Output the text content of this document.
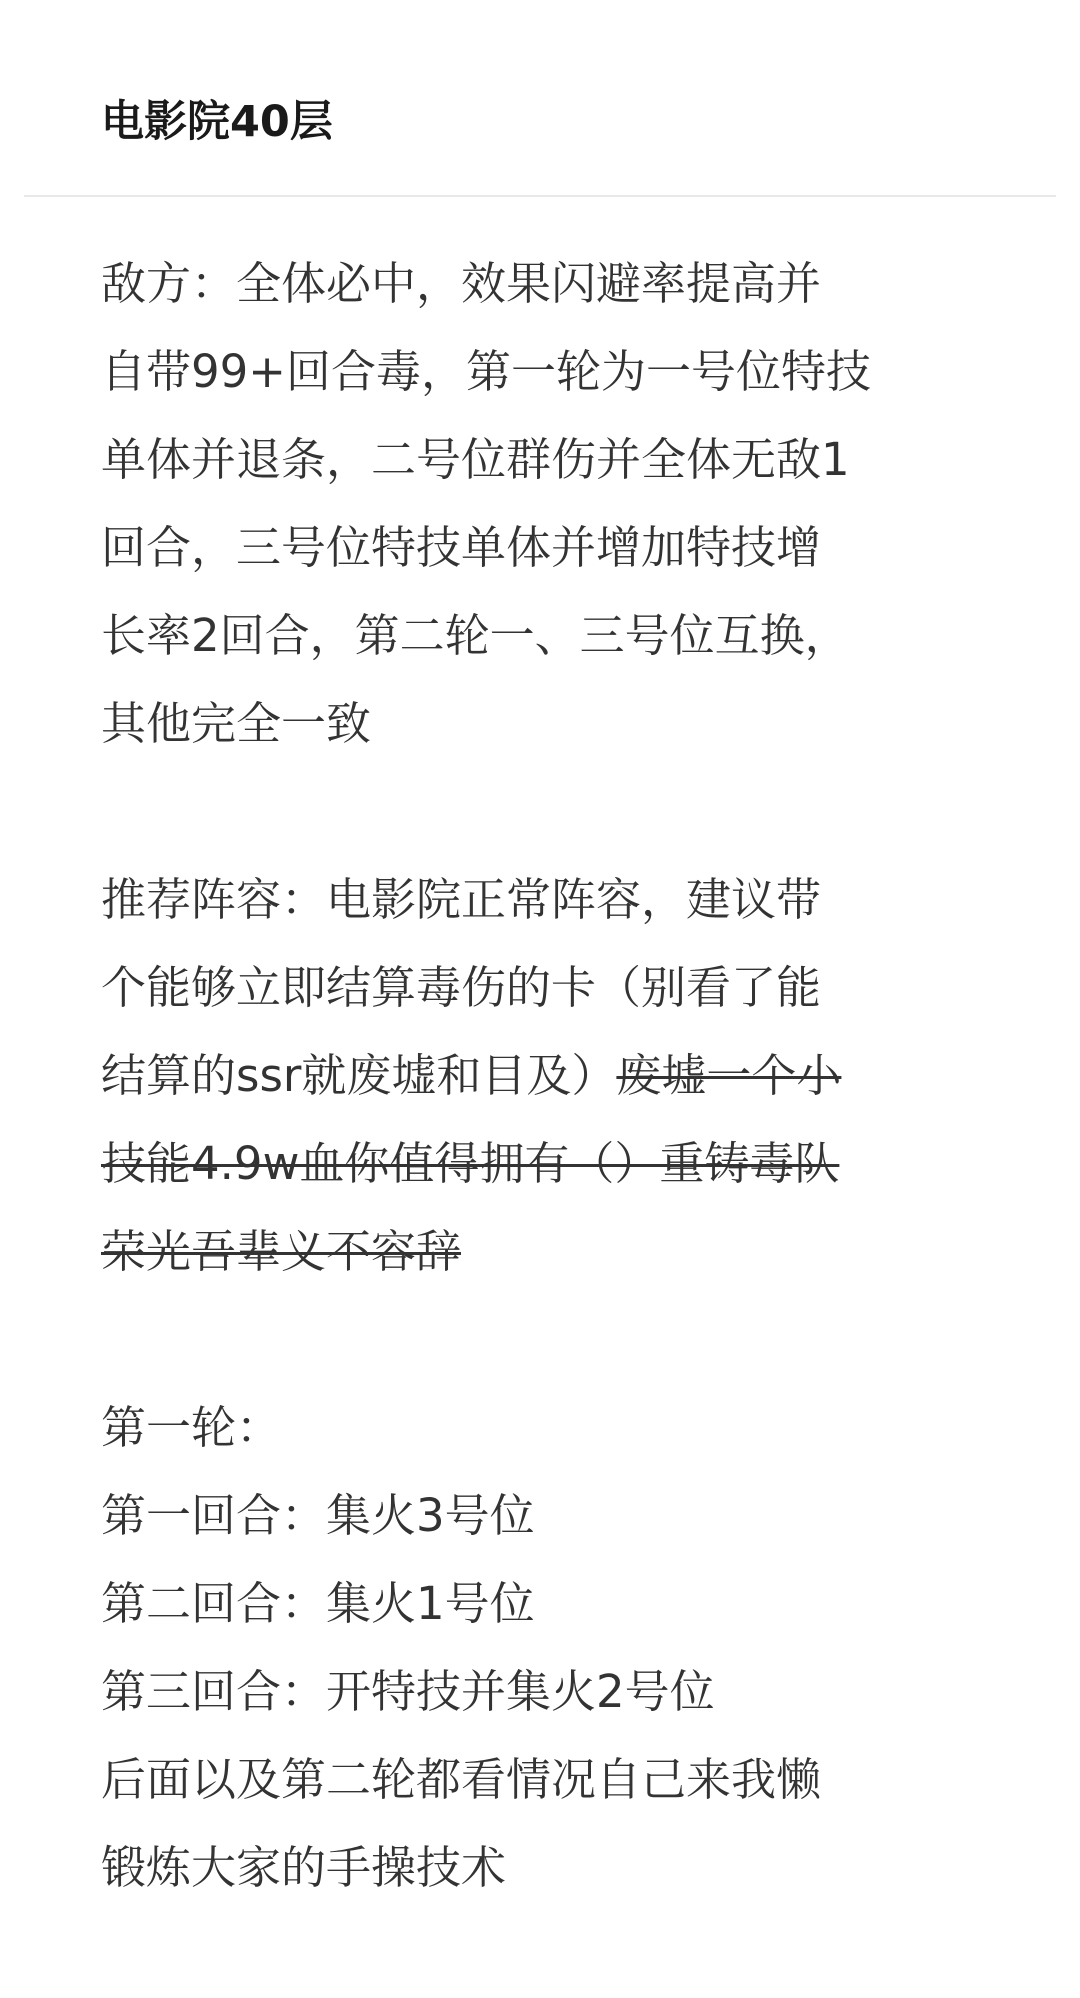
电影院40层
敌方：全体必中，效果闪避率提高并
自带99+回合毒，第一轮为一号位特技
单体并退条，二号位群伤并全体无敌1
回合，三号位特技单体并增加特技增
长率2回合，第二轮一、三号位互换，
其他完全一致
推荐阵容：电影院正常阵容，建议带
个能够立即结算毒伤的卡（别看了能
结算的ssr就废墟和目及）废墟一个小
技能4.9w血你值得拥有（）重铸毒队
荣光吾辈义不容辞
第一轮：
第一回合：集火3号位
第二回合：集火1号位
第三回合：开特技并集火2号位
后面以及第二轮都看情况自己来我懒
锻炼大家的手操技术
